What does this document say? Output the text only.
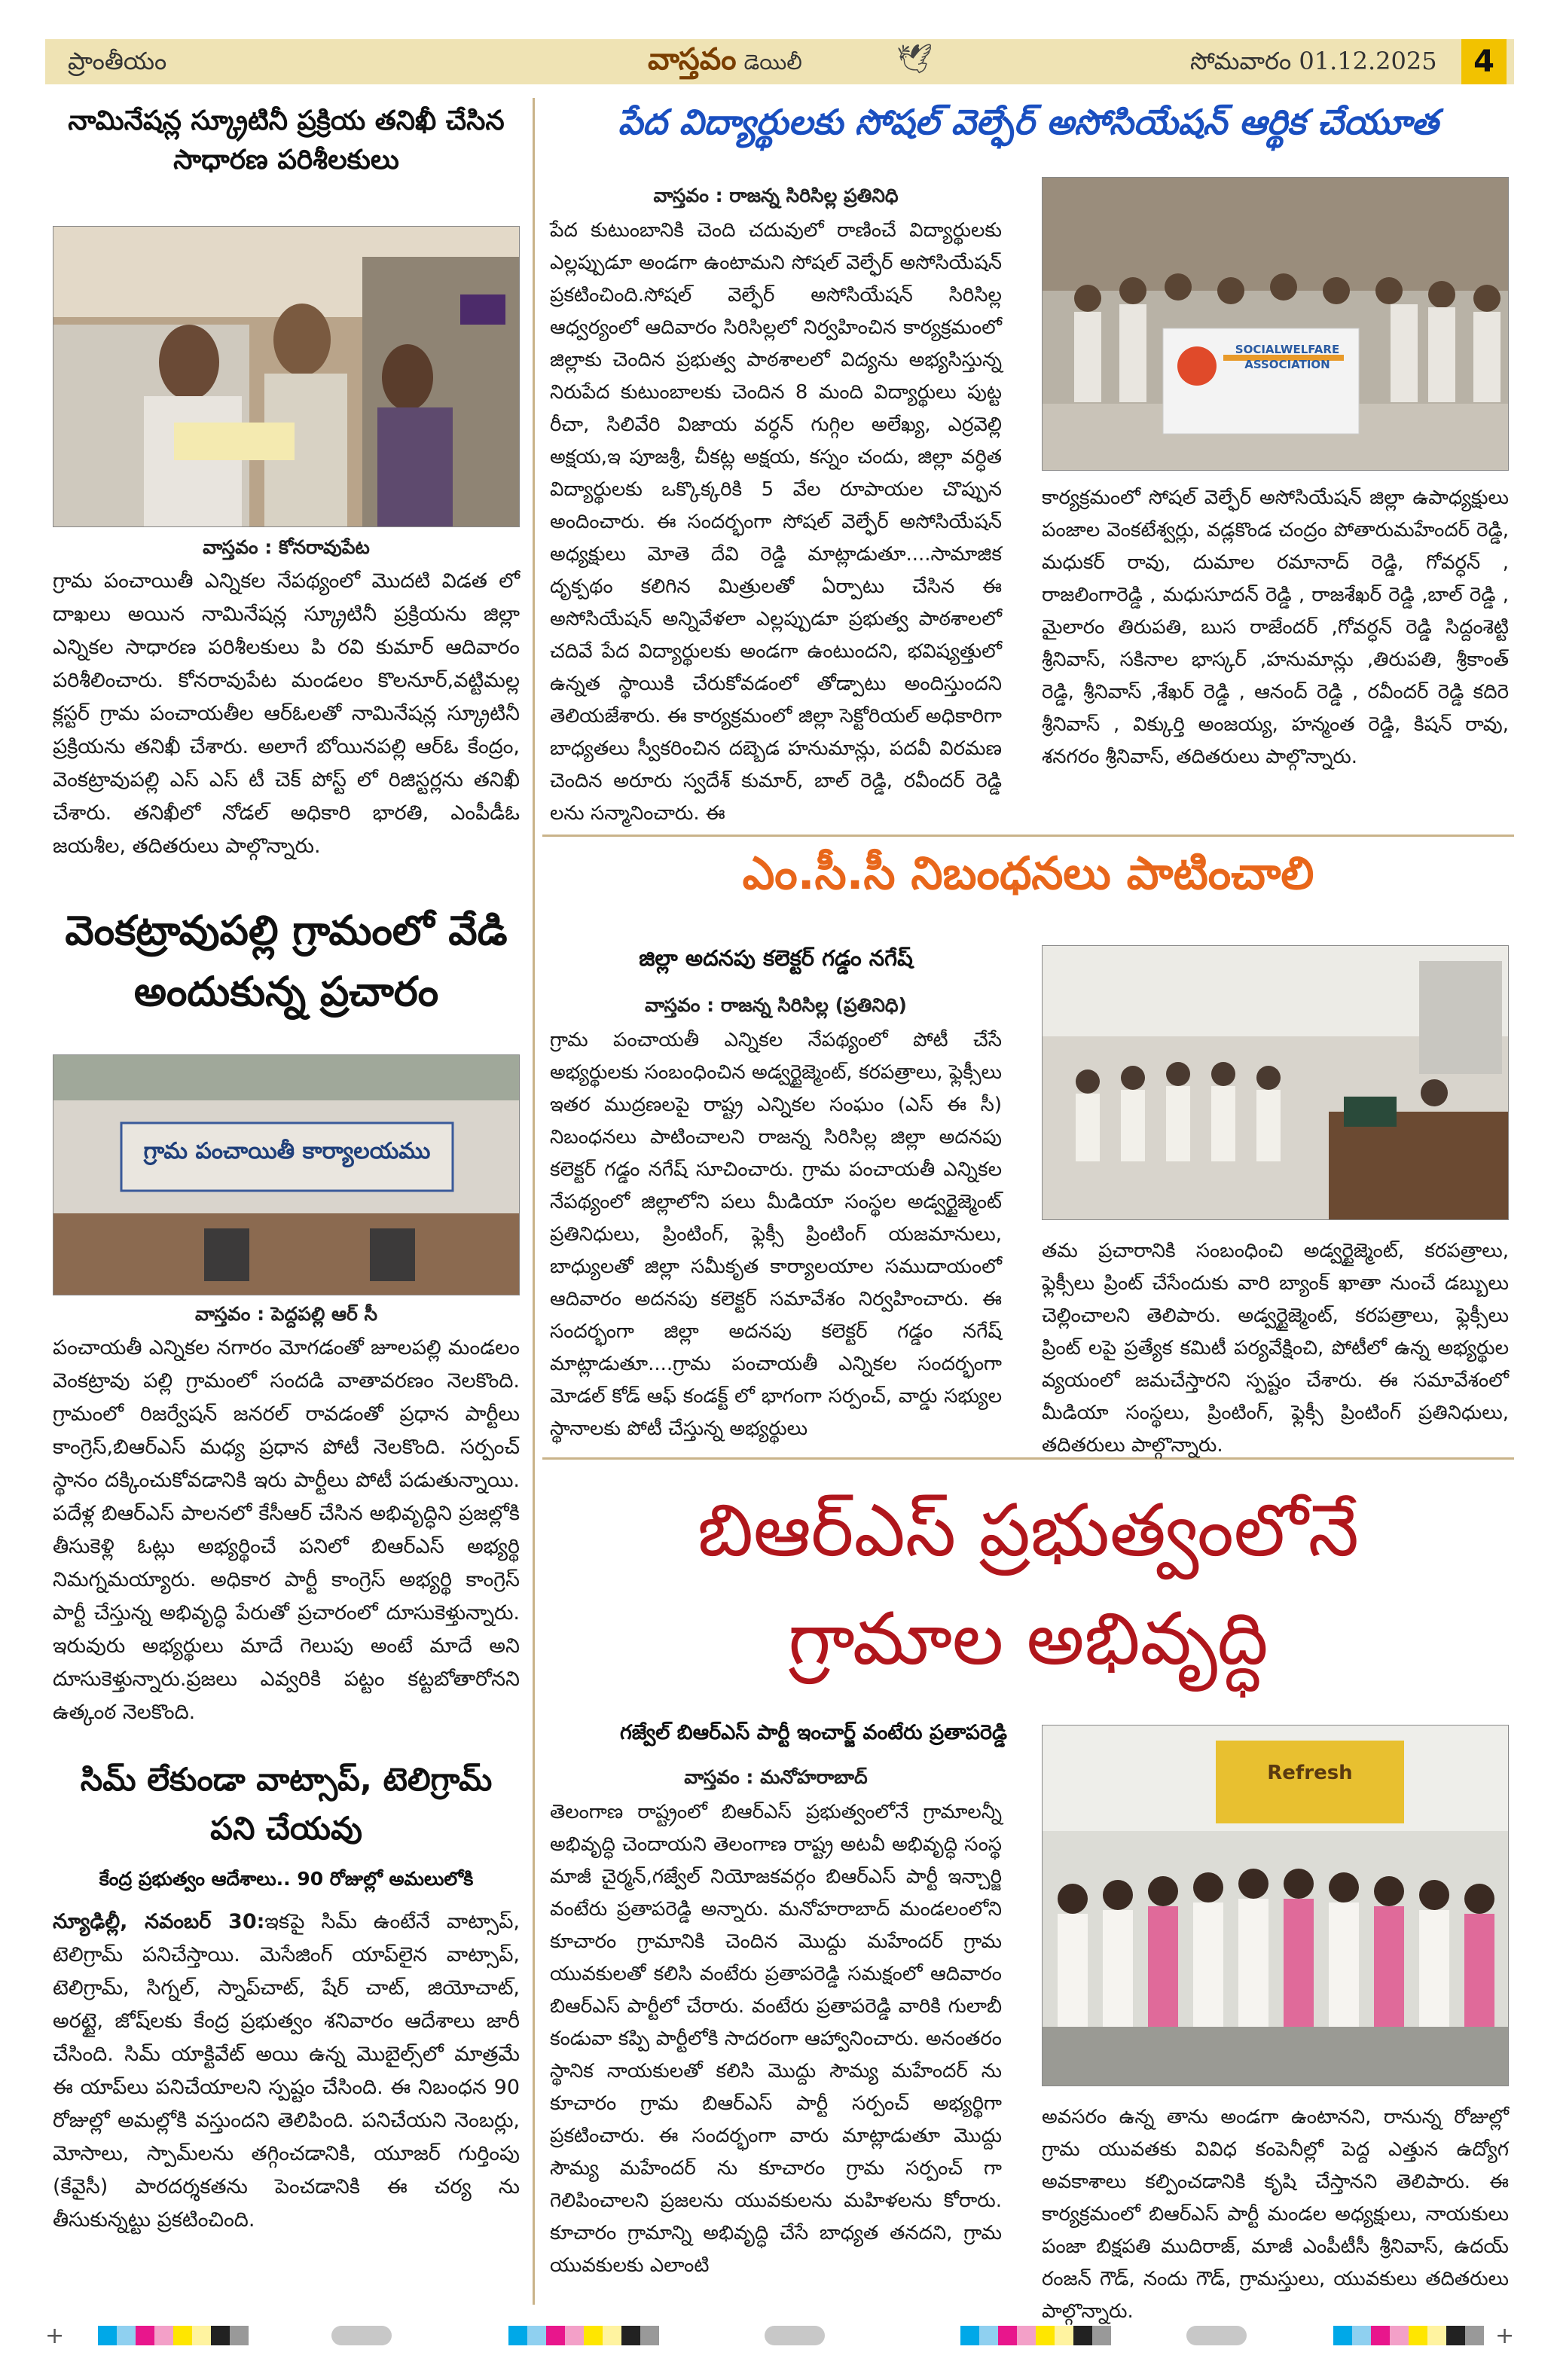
ప్రాంతీయం	వాస్తవం డెయిలీ	🕊	సోమవారం 01.12.2025	4
నామినేషన్ల స్క్రూటినీ ప్రక్రియ తనిఖీ చేసిన సాధారణ పరిశీలకులు
వాస్తవం : కోనరావుపేట
గ్రామ పంచాయితీ ఎన్నికల నేపథ్యంలో మొదటి విడత లో దాఖలు అయిన నామినేషన్ల స్క్రూటినీ ప్రక్రియను జిల్లా ఎన్నికల సాధారణ పరిశీలకులు పి రవి కుమార్ ఆదివారం పరిశీలించారు. కోనరావుపేట మండలం కొలనూర్,వట్టిమల్ల క్లస్టర్ గ్రామ పంచాయతీల ఆర్ఓలతో నామినేషన్ల స్క్రూటినీ ప్రక్రియను తనిఖీ చేశారు. అలాగే బోయినపల్లి ఆర్ఓ కేంద్రం, వెంకట్రావుపల్లి ఎస్ ఎస్ టీ చెక్ పోస్ట్ లో రిజిస్టర్లను తనిఖీ చేశారు. తనిఖీలో నోడల్ అధికారి భారతి, ఎంపీడీఓ జయశీల, తదితరులు పాల్గొన్నారు.
వెంకట్రావుపల్లి గ్రామంలో వేడి అందుకున్న ప్రచారం
గ్రామ పంచాయితీ కార్యాలయము
వాస్తవం : పెద్దపల్లి ఆర్ సీ
పంచాయతీ ఎన్నికల నగారం మోగడంతో జూలపల్లి మండలం వెంకట్రావు పల్లి గ్రామంలో సందడి వాతావరణం నెలకొంది. గ్రామంలో రిజర్వేషన్ జనరల్ రావడంతో ప్రధాన పార్టీలు కాంగ్రెస్,బిఆర్ఎస్ మధ్య ప్రధాన పోటీ నెలకొంది. సర్పంచ్ స్థానం దక్కించుకోవడానికి ఇరు పార్టీలు పోటీ పడుతున్నాయి. పదేళ్ల బిఆర్ఎస్ పాలనలో కేసీఆర్ చేసిన అభివృద్ధిని ప్రజల్లోకి తీసుకెళ్లి ఓట్లు అభ్యర్థించే పనిలో బిఆర్ఎస్ అభ్యర్థి నిమగ్నమయ్యారు. అధికార పార్టీ కాంగ్రెస్ అభ్యర్థి కాంగ్రెస్ పార్టీ చేస్తున్న అభివృద్ధి పేరుతో ప్రచారంలో దూసుకెళ్తున్నారు. ఇరువురు అభ్యర్థులు మాదే గెలుపు అంటే మాదే అని దూసుకెళ్తున్నారు.ప్రజలు ఎవ్వరికి పట్టం కట్టబోతారోనని ఉత్కంఠ నెలకొంది.
సిమ్ లేకుండా వాట్సాప్, టెలిగ్రామ్ పని చేయవు
కేంద్ర ప్రభుత్వం ఆదేశాలు.. 90 రోజుల్లో అమలులోకి
న్యూఢిల్లీ, నవంబర్ 30:ఇకపై సిమ్ ఉంటేనే వాట్సాప్, టెలిగ్రామ్ పనిచేస్తాయి. మెసేజింగ్ యాప్‌లైన వాట్సాప్, టెలిగ్రామ్, సిగ్నల్, స్నాప్‌చాట్, షేర్ చాట్, జియోచాట్, అరట్టై, జోష్‌లకు కేంద్ర ప్రభుత్వం శనివారం ఆదేశాలు జారీ చేసింది. సిమ్ యాక్టివేట్ అయి ఉన్న మొబైల్స్‌లో మాత్రమే ఈ యాప్‌లు పనిచేయాలని స్పష్టం చేసింది. ఈ నిబంధన 90 రోజుల్లో అమల్లోకి వస్తుందని తెలిపింది. పనిచేయని నెంబర్లు, మోసాలు, స్పామ్‌లను తగ్గించడానికి, యూజర్ గుర్తింపు (కేవైసీ) పారదర్శకతను పెంచడానికి ఈ చర్య ను తీసుకున్నట్టు ప్రకటించింది.
పేద విద్యార్థులకు సోషల్ వెల్ఫేర్ అసోసియేషన్ ఆర్థిక చేయూత
వాస్తవం : రాజన్న సిరిసిల్ల ప్రతినిధి
పేద కుటుంబానికి చెంది చదువులో రాణించే విద్యార్థులకు ఎల్లప్పుడూ అండగా ఉంటామని సోషల్ వెల్ఫేర్ అసోసియేషన్ ప్రకటించింది.సోషల్ వెల్ఫేర్ అసోసియేషన్ సిరిసిల్ల ఆధ్వర్యంలో ఆదివారం సిరిసిల్లలో నిర్వహించిన కార్యక్రమంలో జిల్లాకు చెందిన ప్రభుత్వ పాఠశాలలో విద్యను అభ్యసిస్తున్న నిరుపేద కుటుంబాలకు చెందిన 8 మంది విద్యార్థులు పుట్ట రీచా, సిలివేరి విజాయ వర్ధన్ గుగ్గిల అలేఖ్య, ఎర్రవెల్లి అక్షయ,ఇ పూజశ్రీ, చీకట్ల అక్షయ, కస్నం చందు, జిల్లా వర్ధిత విద్యార్థులకు ఒక్కొక్కరికి 5 వేల రూపాయల చొప్పున అందించారు. ఈ సందర్భంగా సోషల్ వెల్ఫేర్ అసోసియేషన్ అధ్యక్షులు మోతె దేవి రెడ్డి మాట్లాడుతూ....సామాజిక దృక్పథం కలిగిన మిత్రులతో ఏర్పాటు చేసిన ఈ అసోసియేషన్ అన్నివేళలా ఎల్లప్పుడూ ప్రభుత్వ పాఠశాలలో చదివే పేద విద్యార్థులకు అండగా ఉంటుందని, భవిష్యత్తులో ఉన్నత స్థాయికి చేరుకోవడంలో తోడ్పాటు అందిస్తుందని తెలియజేశారు. ఈ కార్యక్రమంలో జిల్లా సెక్టోరియల్ అధికారిగా బాధ్యతలు స్వీకరించిన దబ్బెడ హనుమాన్లు, పదవీ విరమణ చెందిన అరూరు స్వదేశ్ కుమార్, బాల్ రెడ్డి, రవీందర్ రెడ్డి లను సన్మానించారు. ఈ
SOCIALWELFARE ASSOCIATION
కార్యక్రమంలో సోషల్ వెల్ఫేర్ అసోసియేషన్ జిల్లా ఉపాధ్యక్షులు పంజాల వెంకటేశ్వర్లు, వడ్లకొండ చంద్రం పోతారుమహేందర్ రెడ్డి, మధుకర్ రావు, దుమాల రమానాద్ రెడ్డి, గోవర్ధన్ , రాజలింగారెడ్డి , మధుసూదన్ రెడ్డి , రాజశేఖర్ రెడ్డి ,బాల్ రెడ్డి , మైలారం తిరుపతి, బుస రాజేందర్ ,గోవర్ధన్ రెడ్డి సిద్దంశెట్టి శ్రీనివాస్, సకినాల భాస్కర్ ,హనుమాన్లు ,తిరుపతి, శ్రీకాంత్ రెడ్డి, శ్రీనివాస్ ,శేఖర్ రెడ్డి , ఆనంద్ రెడ్డి , రవీందర్ రెడ్డి కదిరె శ్రీనివాస్ , విక్కుర్తి అంజయ్య, హన్మంత రెడ్డి, కిషన్ రావు, శనగరం శ్రీనివాస్, తదితరులు పాల్గొన్నారు.
ఎం.సీ.సీ నిబంధనలు పాటించాలి
జిల్లా అదనపు కలెక్టర్ గడ్డం నగేష్
వాస్తవం : రాజన్న సిరిసిల్ల (ప్రతినిధి)
గ్రామ పంచాయతీ ఎన్నికల నేపథ్యంలో పోటీ చేసే అభ్యర్థులకు సంబంధించిన అడ్వర్టైజ్మెంట్, కరపత్రాలు, ఫ్లెక్సీలు ఇతర ముద్రణలపై రాష్ట్ర ఎన్నికల సంఘం (ఎస్ ఈ సీ) నిబంధనలు పాటించాలని రాజన్న సిరిసిల్ల జిల్లా అదనపు కలెక్టర్ గడ్డం నగేష్ సూచించారు. గ్రామ పంచాయతీ ఎన్నికల నేపథ్యంలో జిల్లాలోని పలు మీడియా సంస్థల అడ్వర్టైజ్మెంట్ ప్రతినిధులు, ప్రింటింగ్, ఫ్లెక్సీ ప్రింటింగ్ యజమానులు, బాధ్యులతో జిల్లా సమీకృత కార్యాలయాల సముదాయంలో ఆదివారం అదనపు కలెక్టర్ సమావేశం నిర్వహించారు. ఈ సందర్భంగా జిల్లా అదనపు కలెక్టర్ గడ్డం నగేష్ మాట్లాడుతూ....గ్రామ పంచాయతీ ఎన్నికల సందర్భంగా మోడల్ కోడ్ ఆఫ్ కండక్ట్ లో భాగంగా సర్పంచ్, వార్డు సభ్యుల స్థానాలకు పోటీ చేస్తున్న అభ్యర్థులు
తమ ప్రచారానికి సంబంధించి అడ్వర్టైజ్మెంట్, కరపత్రాలు, ఫ్లెక్సీలు ప్రింట్ చేసేందుకు వారి బ్యాంక్ ఖాతా నుంచే డబ్బులు చెల్లించాలని తెలిపారు. అడ్వర్టైజ్మెంట్, కరపత్రాలు, ఫ్లెక్సీలు ప్రింట్ లపై ప్రత్యేక కమిటీ పర్యవేక్షించి, పోటీలో ఉన్న అభ్యర్థుల వ్యయంలో జమచేస్తారని స్పష్టం చేశారు. ఈ సమావేశంలో మీడియా సంస్థలు, ప్రింటింగ్, ఫ్లెక్సీ ప్రింటింగ్ ప్రతినిధులు, తదితరులు పాల్గొన్నారు.
బిఆర్ఎస్ ప్రభుత్వంలోనే
గ్రామాల అభివృద్ధి
గజ్వేల్ బిఆర్ఎస్ పార్టీ ఇంచార్జ్ వంటేరు ప్రతాపరెడ్డి
వాస్తవం : మనోహరాబాద్
తెలంగాణ రాష్ట్రంలో బిఆర్ఎస్ ప్రభుత్వంలోనే గ్రామాలన్నీ అభివృద్ధి చెందాయని తెలంగాణ రాష్ట్ర అటవీ అభివృద్ధి సంస్థ మాజీ చైర్మన్,గజ్వేల్ నియోజకవర్గం బిఆర్ఎస్ పార్టీ ఇన్చార్జి వంటేరు ప్రతాపరెడ్డి అన్నారు. మనోహరాబాద్ మండలంలోని కూచారం గ్రామానికి చెందిన మొద్దు మహేందర్ గ్రామ యువకులతో కలిసి వంటేరు ప్రతాపరెడ్డి సమక్షంలో ఆదివారం బిఆర్ఎస్ పార్టీలో చేరారు. వంటేరు ప్రతాపరెడ్డి వారికి గులాబీ కండువా కప్పి పార్టీలోకి సాదరంగా ఆహ్వానించారు. అనంతరం స్థానిక నాయకులతో కలిసి మొద్దు సౌమ్య మహేందర్ ను కూచారం గ్రామ బిఆర్ఎస్ పార్టీ సర్పంచ్ అభ్యర్థిగా ప్రకటించారు. ఈ సందర్భంగా వారు మాట్లాడుతూ మొద్దు సౌమ్య మహేందర్ ను కూచారం గ్రామ సర్పంచ్ గా గెలిపించాలని ప్రజలను యువకులను మహిళలను కోరారు. కూచారం గ్రామాన్ని అభివృద్ధి చేసే బాధ్యత తనదని, గ్రామ యువకులకు ఎలాంటి
Refresh
అవసరం ఉన్న తాను అండగా ఉంటానని, రానున్న రోజుల్లో గ్రామ యువతకు వివిధ కంపెనీల్లో పెద్ద ఎత్తున ఉద్యోగ అవకాశాలు కల్పించడానికి కృషి చేస్తానని తెలిపారు. ఈ కార్యక్రమంలో బిఆర్ఎస్ పార్టీ మండల అధ్యక్షులు, నాయకులు పంజా బిక్షపతి ముదిరాజ్, మాజీ ఎంపీటీసీ శ్రీనివాస్, ఉదయ్ రంజన్ గౌడ్, నందు గౌడ్, గ్రామస్తులు, యువకులు తదితరులు పాల్గొన్నారు.
+	+
